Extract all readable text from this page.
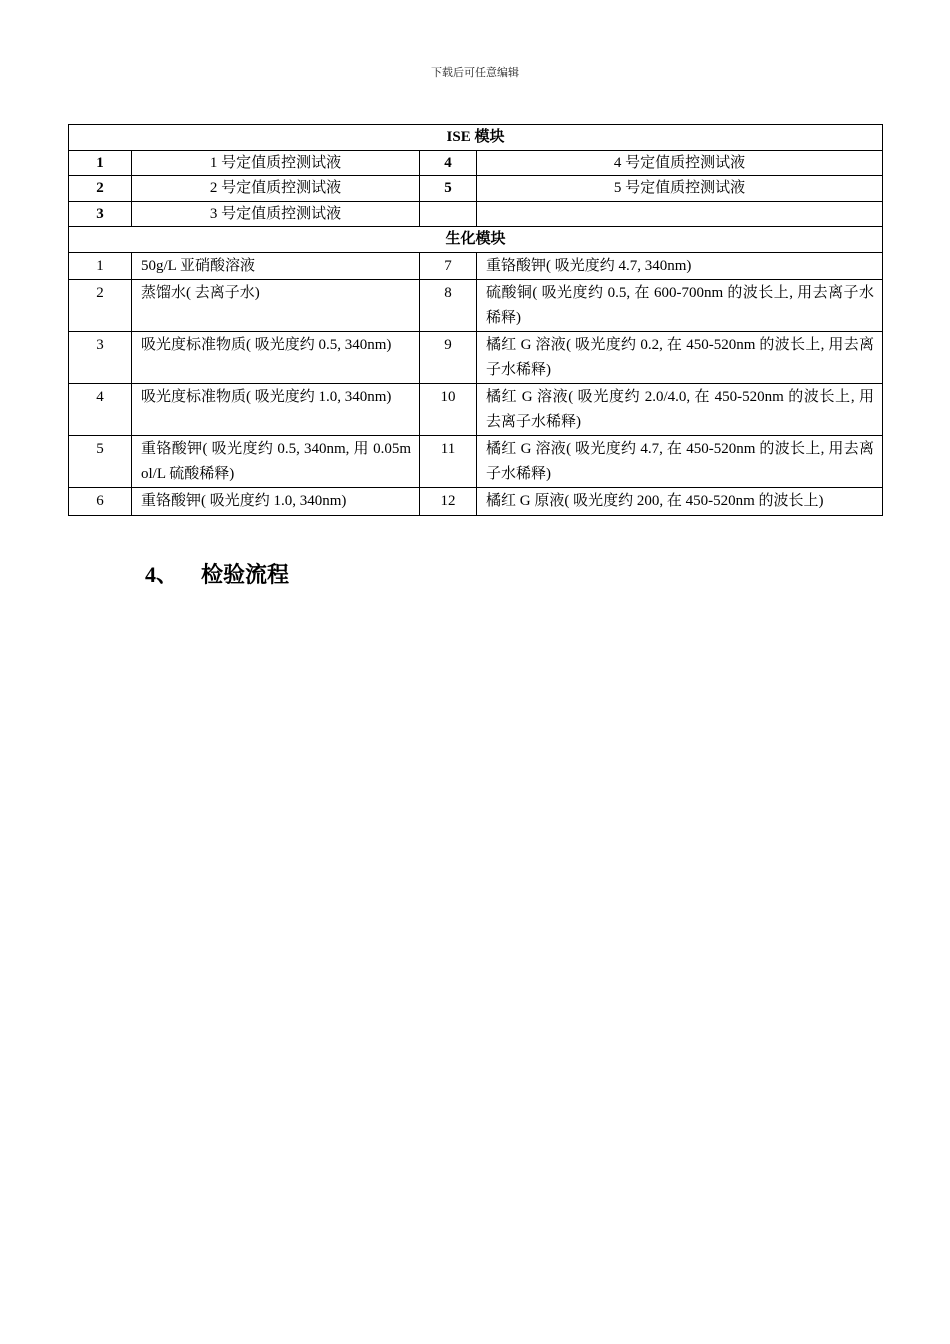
下载后可任意编辑
ISE 模块			
1	1 号定值质控测试液	4	4 号定值质控测试液
2	2 号定值质控测试液	5	5 号定值质控测试液
3	3 号定值质控测试液		
生化模块			
1	50g/L 亚硝酸溶液	7	重铬酸钾( 吸光度约 4.7, 340nm)
2	蒸馏水( 去离子水)	8	硫酸铜( 吸光度约 0.5, 在 600-700nm 的波长上, 用去离子水稀释)
3	吸光度标准物质( 吸光度约 0.5, 340nm)	9	橘红 G 溶液( 吸光度约 0.2, 在 450-520nm 的波长上, 用去离子水稀释)
4	吸光度标准物质( 吸光度约 1.0, 340nm)	10	橘红 G 溶液( 吸光度约 2.0/4.0, 在 450-520nm 的波长上, 用去离子水稀释)
5	重铬酸钾( 吸光度约 0.5, 340nm, 用 0.05mol/L 硫酸稀释)	11	橘红 G 溶液( 吸光度约 4.7, 在 450-520nm 的波长上, 用去离子水稀释)
6	重铬酸钾( 吸光度约 1.0, 340nm)	12	橘红 G 原液( 吸光度约 200, 在 450-520nm 的波长上)
4、 检验流程
